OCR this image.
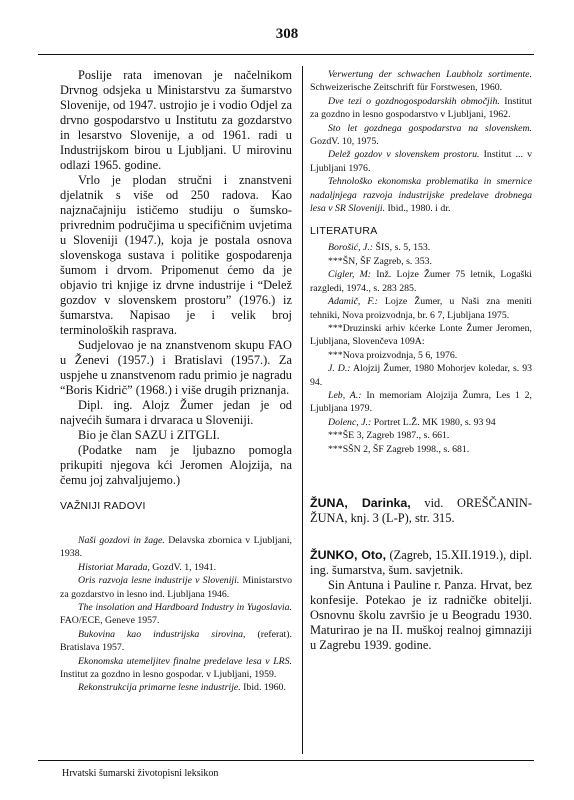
308

Poslije rata imenovan je načelnikom Drvnog odsjeka u Ministarstvu za šumarstvo Slovenije, od 1947. ustrojio je i vodio Odjel za drvno gospodarstvo u Institutu za gozdarstvo in lesarstvo Slovenije, a od 1961. radi u Industrijskom birou u Ljubljani. U mirovinu odlazi 1965. godine.

Vrlo je plodan stručni i znanstveni djelatnik s više od 250 radova. Kao najznačajniju ističemo studiju o šumsko-privrednim područjima u specifičnim uvjetima u Sloveniji (1947.), koja je postala osnova slovenskoga sustava i politike gospodarenja šumom i drvom. Pripomenut ćemo da je objavio tri knjige iz drvne industrije i “Delež gozdov v slovenskem prostoru” (1976.) iz šumarstva. Napisao je i velik broj terminoloških rasprava.

Sudjelovao je na znanstvenom skupu FAO u Ženevi (1957.) i Bratislavi (1957.). Za uspjehe u znanstvenom radu primio je nagradu “Boris Kidrič” (1968.) i više drugih priznanja.

Dipl. ing. Alojz Žumer jedan je od najvećih šumara i drvaraca u Sloveniji.

Bio je član SAZU i ZITGLI.

(Podatke nam je ljubazno pomogla prikupiti njegova kći Jeromen Alojzija, na čemu joj zahvaljujemo.)

VAŽNIJI RADOVI

Naši gozdovi in žage. Delavska zbornica v Ljubljani, 1938.

Historiat Marada, GozdV. 1, 1941.

Oris razvoja lesne industrije v Sloveniji. Ministarstvo za gozdarstvo in lesno ind. Ljubljana 1946.

The insolation and Hardboard Industry in Yugoslavia. FAO/ECE, Geneve 1957.

Bukovina kao industrijska sirovina, (referat). Bratislava 1957.

Ekonomska utemeljitev finalne predelave lesa v LRS. Institut za gozdno in lesno gospodar. v Ljubljani, 1959.

Rekonstrukcija primarne lesne industrije. Ibid. 1960.

Verwertung der schwachen Laubholz sortimente. Schweizerische Zeitschrift für Forstwesen, 1960.

Dve tezi o gozdnogospodarskih območjih. Institut za gozdno in lesno gospodarstvo v Ljubljani, 1962.

Sto let gozdnega gospodarstva na slovenskem. GozdV. 10, 1975.

Delež gozdov v slovenskem prostoru. Institut ... v Ljubljani 1976.

Tehnološko ekonomska problematika in smernice nadaljnjega razvoja industrijske predelave drobnega lesa v SR Sloveniji. Ibid., 1980. i dr.

LITERATURA

Borošić, J.: ŠIS, s. 5, 153.

***ŠN, ŠF Zagreb, s. 353.

Cigler, M: Inž. Lojze Žumer 75 letnik, Logaški razgledi, 1974., s. 283 285.

Adamič, F.: Lojze Žumer, u Naši zna meniti tehniki, Nova proizvodnja, br. 6 7, Ljubljana 1975.

***Druzinski arhiv kćerke Lonte Žumer Jeromen, Ljubljana, Slovenčeva 109A:

***Nova proizvodnja, 5 6, 1976.

J. D.: Alojzij Žumer, 1980 Mohorjev koledar, s. 93 94.

Leb, A.: In memoriam Alojzija Žumra, Les 1 2, Ljubljana 1979.

Dolenc, J.: Portret L.Ž. MK 1980, s. 93 94

***ŠE 3, Zagreb 1987., s. 661.

***SŠN 2, ŠF Zagreb 1998., s. 681.

ŽUNA, Darinka, vid. OREŠČANIN-ŽUNA, knj. 3 (L-P), str. 315.

ŽUNKO, Oto, (Zagreb, 15.XII.1919.), dipl. ing. šumarstva, šum. savjetnik.

Sin Antuna i Pauline r. Panza. Hrvat, bez konfesije. Potekao je iz radničke obitelji. Osnovnu školu završio je u Beogradu 1930. Maturirao je na II. muškoj realnoj gimnaziji u Zagrebu 1939. godine.

Hrvatski šumarski životopisni leksikon
